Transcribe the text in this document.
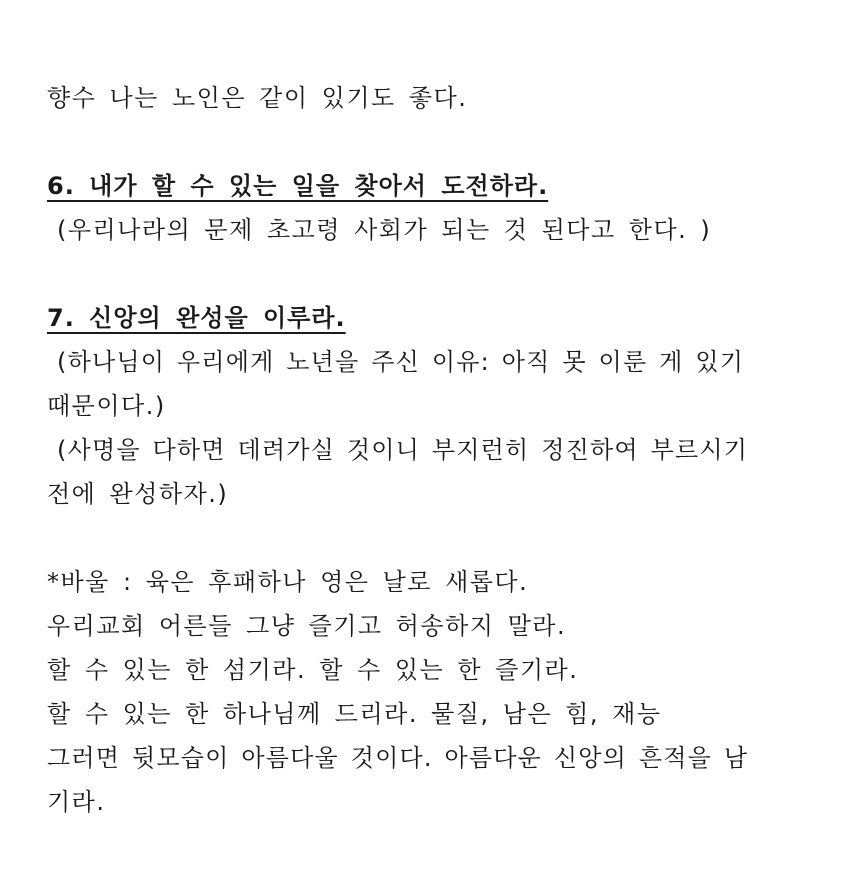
향수 나는 노인은 같이 있기도 좋다.
6. 내가 할 수 있는 일을 찾아서 도전하라.
(우리나라의 문제 초고령 사회가 되는 것 된다고 한다. )
7. 신앙의 완성을 이루라.
(하나님이 우리에게 노년을 주신 이유: 아직 못 이룬 게 있기
때문이다.)
(사명을 다하면 데려가실 것이니 부지런히 정진하여 부르시기
전에 완성하자.)
*바울 : 육은 후패하나 영은 날로 새롭다.
우리교회 어른들 그냥 즐기고 허송하지 말라.
할 수 있는 한 섬기라. 할 수 있는 한 즐기라.
할 수 있는 한 하나님께 드리라. 물질, 남은 힘, 재능
그러면 뒷모습이 아름다울 것이다. 아름다운 신앙의 흔적을 남
기라.
